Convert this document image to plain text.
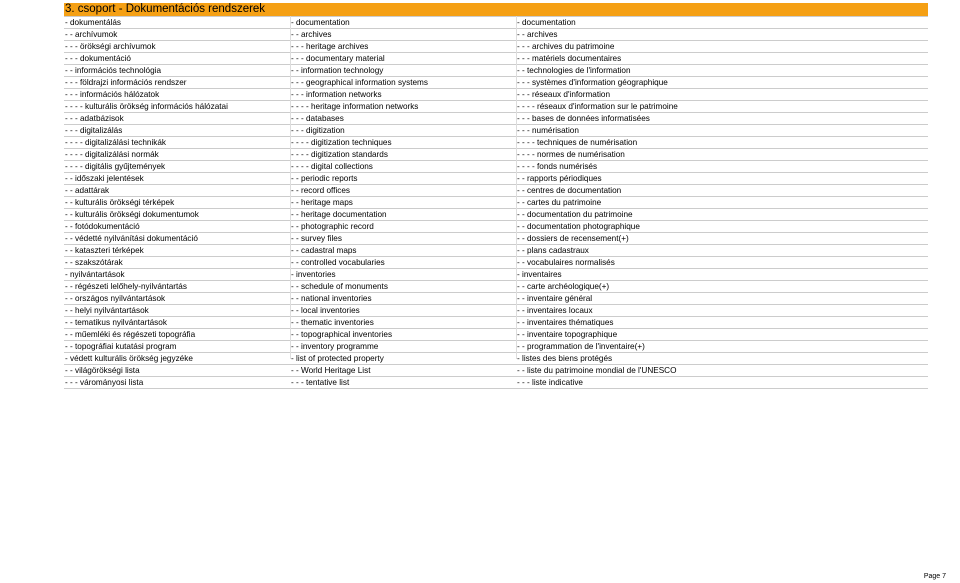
3. csoport - Dokumentációs rendszerek
- dokumentálás	- documentation	- documentation
- - archívumok	- - archives	- - archives
- - - örökségi archívumok	- - - heritage archives	- - - archives du patrimoine
- - - dokumentáció	- - - documentary material	- - - matériels documentaires
- - információs technológia	- - information technology	- - technologies de l'information
- - - földrajzi információs rendszer	- - - geographical information systems	- - - systèmes d'information géographique
- - - információs hálózatok	- - - information networks	- - - réseaux d'information
- - - - kulturális örökség információs hálózatai	- - - - heritage information networks	- - - - réseaux d'information sur le patrimoine
- - - adatbázisok	- - - databases	- - - bases de données informatisées
- - - digitalizálás	- - - digitization	- - - numérisation
- - - - digitalizálási technikák	- - - - digitization techniques	- - - - techniques de numérisation
- - - - digitalizálási normák	- - - - digitization standards	- - - - normes de numérisation
- - - - digitális gyűjtemények	- - - - digital collections	- - - - fonds numérisés
- - időszaki jelentések	- - periodic reports	- - rapports périodiques
- - adattárak	- - record offices	- - centres de documentation
- - kulturális örökségi térképek	- - heritage maps	- - cartes du patrimoine
- - kulturális örökségi dokumentumok	- - heritage documentation	- - documentation du patrimoine
- - fotódokumentáció	- - photographic record	- - documentation photographique
- - védetté nyilvánítási dokumentáció	- - survey files	- - dossiers de recensement(+)
- - kataszteri térképek	- - cadastral maps	- - plans cadastraux
- - szakszótárak	- - controlled vocabularies	- - vocabulaires normalisés
- nyilvántartások	- inventories	- inventaires
- - régészeti lelőhely-nyilvántartás	- - schedule of monuments	- - carte archéologique(+)
- - országos nyilvántartások	- - national inventories	- - inventaire général
- - helyi nyilvántartások	- - local inventories	- - inventaires locaux
- - tematikus nyilvántartások	- - thematic inventories	- - inventaires thématiques
- - műemléki és régészeti topográfia	- - topographical inventories	- - inventaire topographique
- - topográfiai kutatási program	- - inventory programme	- - programmation de l'inventaire(+)
- védett kulturális örökség jegyzéke	- list of protected property	- listes des biens protégés
- - világörökségi lista	- - World Heritage List	- - liste du patrimoine mondial de l'UNESCO
- - - várományosi lista	- - - tentative list	- - - liste indicative
Page 7
